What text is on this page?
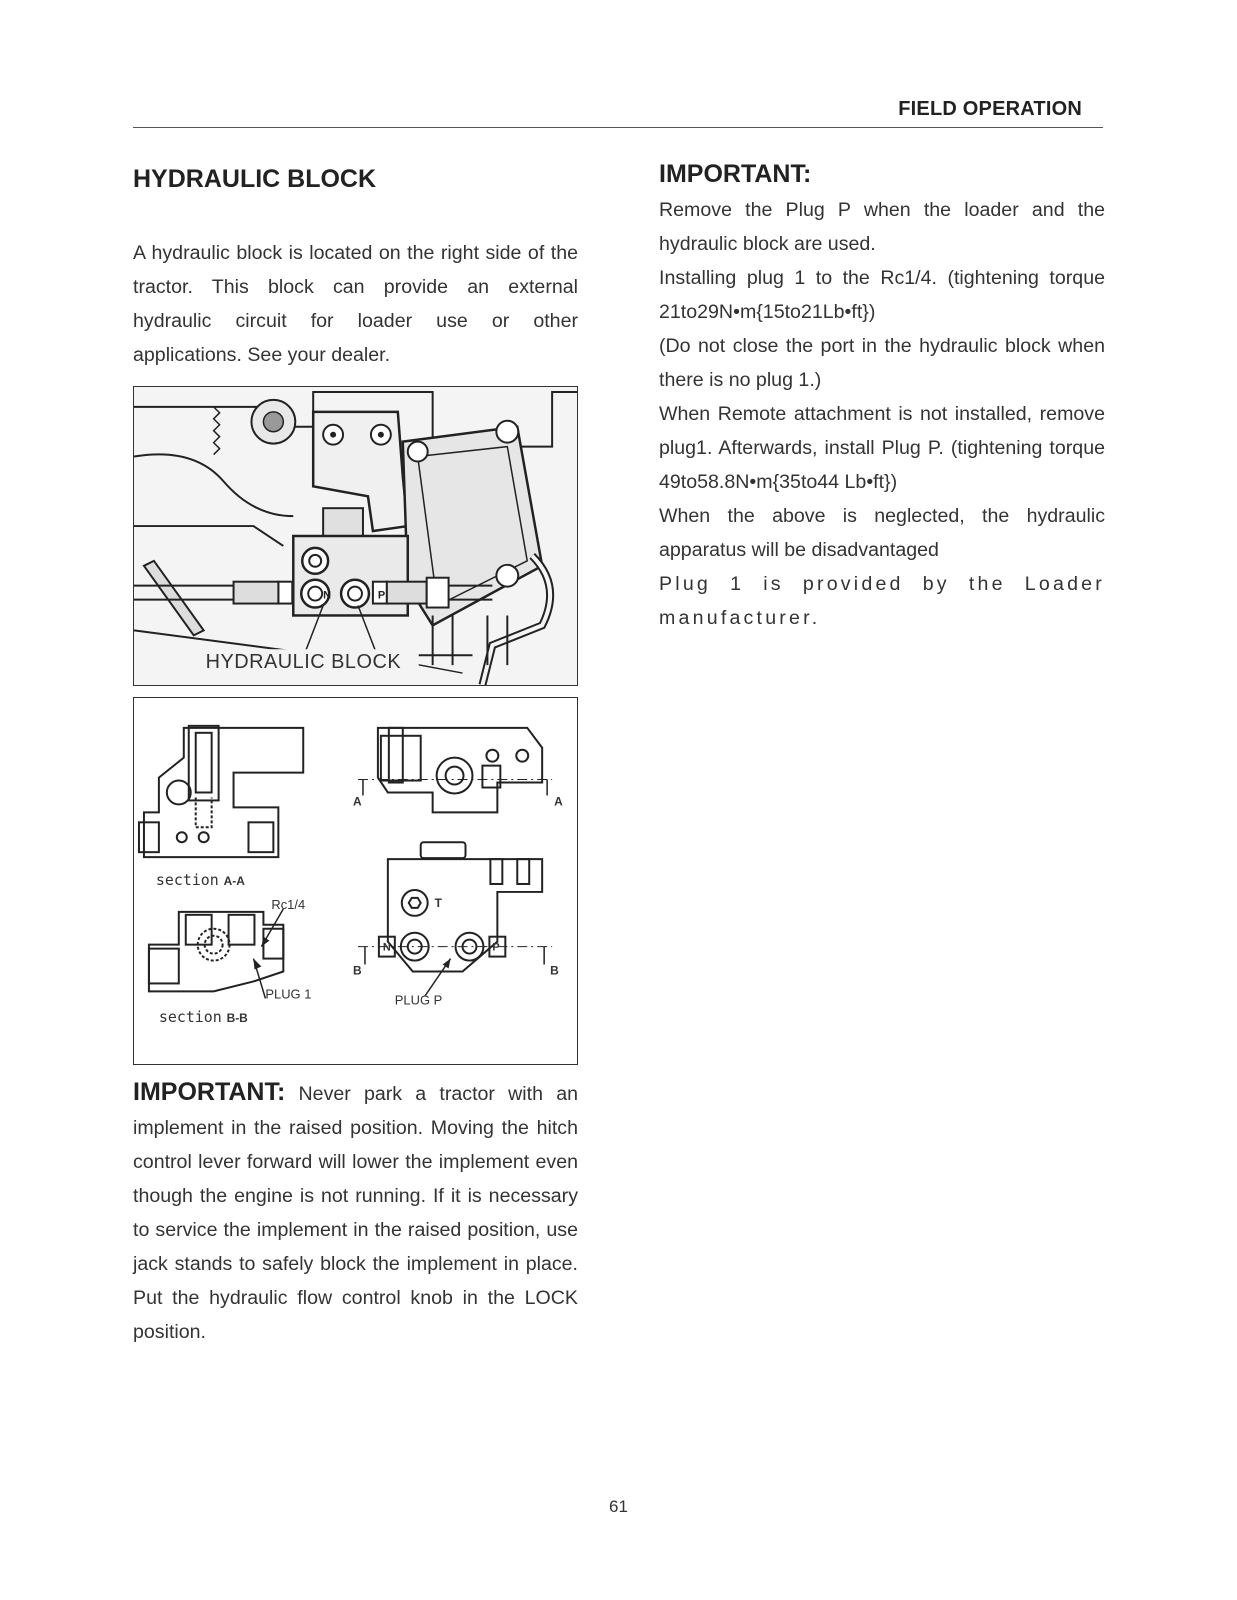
FIELD OPERATION
HYDRAULIC BLOCK

A hydraulic block is located on the right side of the tractor. This block can provide an external hydraulic circuit for loader use or other applications. See your dealer.

N	P
HYDRAULIC BLOCK
section A-A
A	A
Rc1/4
PLUG 1
section B-B
T
N	P
B	B
PLUG P

IMPORTANT: Never park a tractor with an implement in the raised position. Moving the hitch control lever forward will lower the implement even though the engine is not running. If it is necessary to service the implement in the raised position, use jack stands to safely block the implement in place. Put the hydraulic flow control knob in the LOCK position.

IMPORTANT:

Remove the Plug P when the loader and the hydraulic block are used.

Installing plug 1 to the Rc1/4. (tightening torque 21to29N•m{15to21Lb•ft})

(Do not close the port in the hydraulic block when there is no plug 1.)

When Remote attachment is not installed, remove plug1. Afterwards, install Plug P. (tightening torque 49to58.8N•m{35to44 Lb•ft})

When the above is neglected, the hydraulic apparatus will be disadvantaged

Plug 1 is provided by the Loader manufacturer.

61
